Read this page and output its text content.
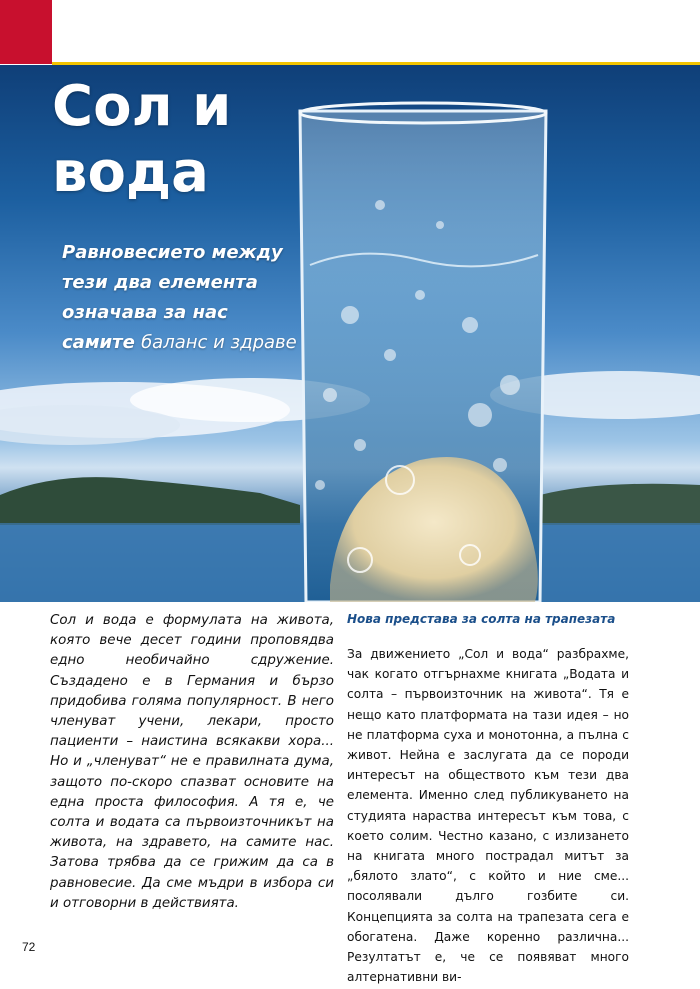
Сол и вода
Равновесието между тези два елемента означава за нас самите баланс и здраве

Сол и вода е формулата на живота, която вече десет години проповядва едно необичайно сдружение. Създадено е в Германия и бързо придобива голяма популярност. В него членуват учени, лекари, просто пациенти – наистина всякакви хора... Но и „членуват“ не е правилната дума, защото по-скоро спазват основите на една проста философия. А тя е, че солта и водата са първоизточникът на живота, на здравето, на самите нас. Затова трябва да се грижим да са в равновесие. Да сме мъдри в избора си и отговорни в действията.

Нова представа за солта на трапезата

За движението „Сол и вода“ разбрахме, чак когато отгърнахме книгата „Водата и солта – първоизточник на живота“. Тя е нещо като платформата на тази идея – но не платформа суха и монотонна, а пълна с живот. Нейна е заслугата да се породи интересът на обществото към тези два елемента. Именно след публикуването на студията нараства интересът към това, с което солим. Честно казано, с излизането на книгата много пострадал митът за „бялото злато“, с който и ние сме... посолявали дълго гозбите си. Концепцията за солта на трапезата сега е обогатена. Даже коренно различна... Резултатът е, че се появяват много алтернативни ви-

72
